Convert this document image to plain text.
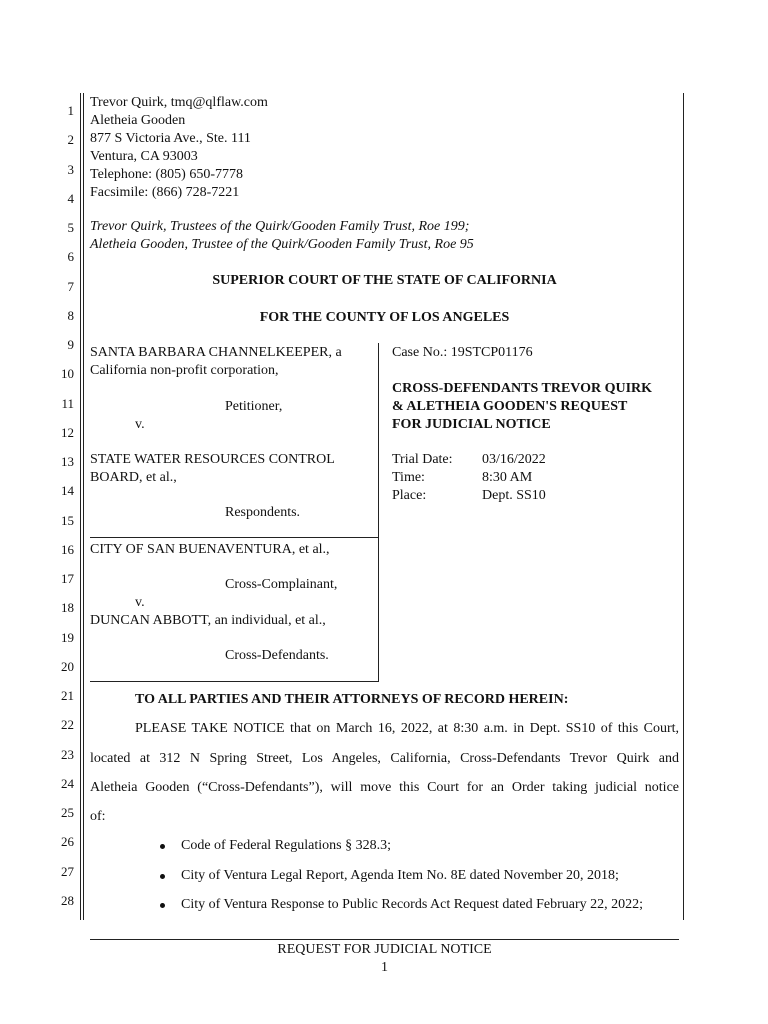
1
2
3
4
5
6
7
8
9
10
11
12
13
14
15
16
17
18
19
20
21
22
23
24
25
26
27
28
Trevor Quirk, tmq@qlflaw.com
Aletheia Gooden
877 S Victoria Ave., Ste. 111
Ventura, CA 93003
Telephone: (805) 650-7778
Facsimile: (866) 728-7221
Trevor Quirk, Trustees of the Quirk/Gooden Family Trust, Roe 199;
Aletheia Gooden, Trustee of the Quirk/Gooden Family Trust, Roe 95
SUPERIOR COURT OF THE STATE OF CALIFORNIA
FOR THE COUNTY OF LOS ANGELES
SANTA BARBARA CHANNELKEEPER, a
California non-profit corporation,
Petitioner,
v.
STATE WATER RESOURCES CONTROL
BOARD, et al.,
Respondents.
CITY OF SAN BUENAVENTURA, et al.,
Cross-Complainant,
v.
DUNCAN ABBOTT, an individual, et al.,
Cross-Defendants.
Case No.: 19STCP01176
CROSS-DEFENDANTS TREVOR QUIRK
& ALETHEIA GOODEN'S REQUEST
FOR JUDICIAL NOTICE
Trial Date: 03/16/2022
Time:	8:30 AM
Place:	Dept. SS10
TO ALL PARTIES AND THEIR ATTORNEYS OF RECORD HEREIN:
PLEASE TAKE NOTICE that on March 16, 2022, at 8:30 a.m. in Dept. SS10 of this Court,
located at 312 N Spring Street, Los Angeles, California, Cross-Defendants Trevor Quirk and
Aletheia Gooden (“Cross-Defendants”), will move this Court for an Order taking judicial notice
of:
Code of Federal Regulations § 328.3;
City of Ventura Legal Report, Agenda Item No. 8E dated November 20, 2018;
City of Ventura Response to Public Records Act Request dated February 22, 2022;
REQUEST FOR JUDICIAL NOTICE
1
